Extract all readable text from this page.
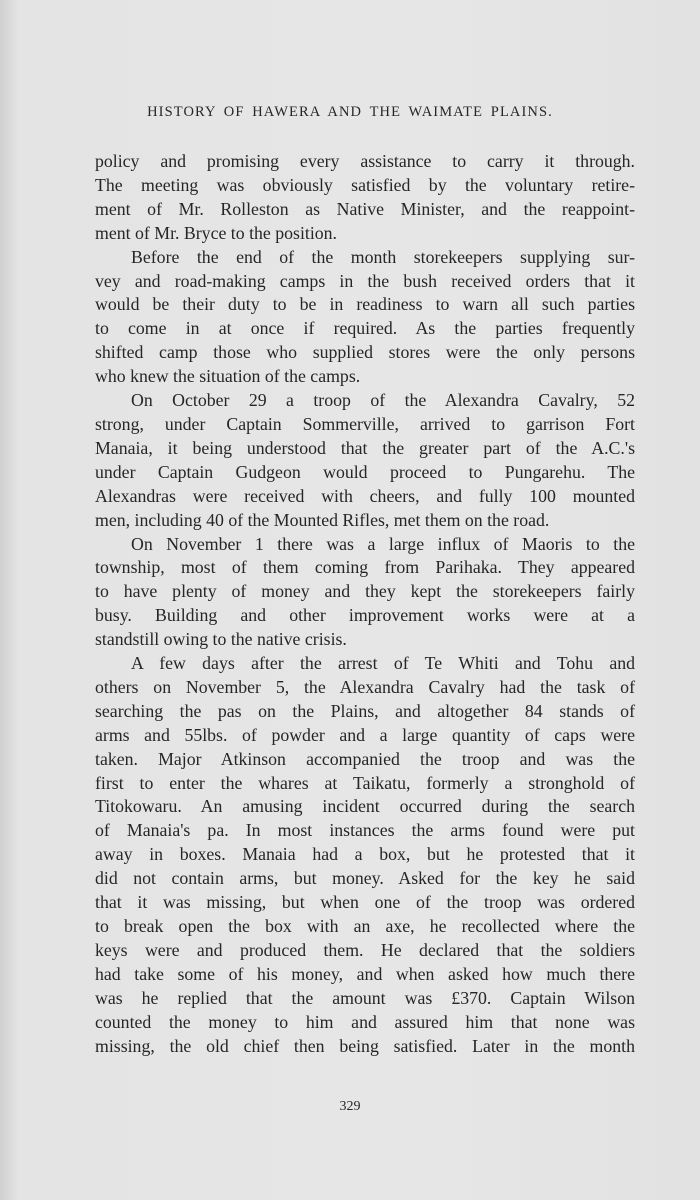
HISTORY OF HAWERA AND THE WAIMATE PLAINS.

policy and promising every assistance to carry it through.
The meeting was obviously satisfied by the voluntary retire-
ment of Mr. Rolleston as Native Minister, and the reappoint-
ment of Mr. Bryce to the position.

Before the end of the month storekeepers supplying sur-
vey and road-making camps in the bush received orders that it
would be their duty to be in readiness to warn all such parties
to come in at once if required. As the parties frequently
shifted camp those who supplied stores were the only persons
who knew the situation of the camps.

On October 29 a troop of the Alexandra Cavalry, 52
strong, under Captain Sommerville, arrived to garrison Fort
Manaia, it being understood that the greater part of the A.C.'s
under Captain Gudgeon would proceed to Pungarehu. The
Alexandras were received with cheers, and fully 100 mounted
men, including 40 of the Mounted Rifles, met them on the road.

On November 1 there was a large influx of Maoris to the
township, most of them coming from Parihaka. They appeared
to have plenty of money and they kept the storekeepers fairly
busy. Building and other improvement works were at a
standstill owing to the native crisis.

A few days after the arrest of Te Whiti and Tohu and
others on November 5, the Alexandra Cavalry had the task of
searching the pas on the Plains, and altogether 84 stands of
arms and 55lbs. of powder and a large quantity of caps were
taken. Major Atkinson accompanied the troop and was the
first to enter the whares at Taikatu, formerly a stronghold of
Titokowaru. An amusing incident occurred during the search
of Manaia's pa. In most instances the arms found were put
away in boxes. Manaia had a box, but he protested that it
did not contain arms, but money. Asked for the key he said
that it was missing, but when one of the troop was ordered
to break open the box with an axe, he recollected where the
keys were and produced them. He declared that the soldiers
had take some of his money, and when asked how much there
was he replied that the amount was £370. Captain Wilson
counted the money to him and assured him that none was
missing, the old chief then being satisfied. Later in the month

329
